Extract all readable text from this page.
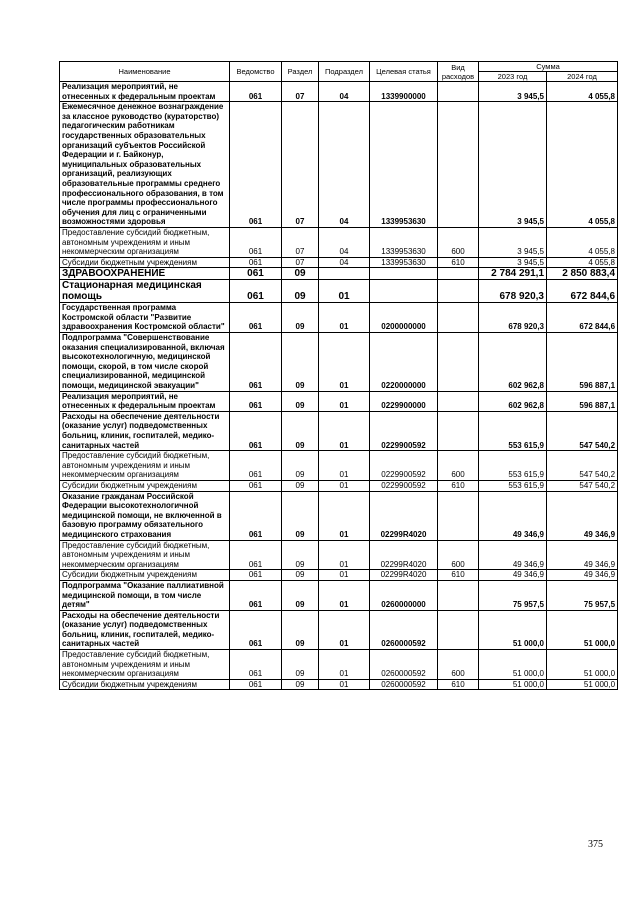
Наименование	Ведомство	Раздел	Подраздел	Целевая статья	Вид расходов	Сумма	
						2023 год	2024 год
Реализация мероприятий, не отнесенных к федеральным проектам	061	07	04	1339900000		3 945,5	4 055,8
Ежемесячное денежное вознаграждение за классное руководство (кураторство) педагогическим работникам государственных образовательных организаций субъектов Российской Федерации и г. Байконур, муниципальных образовательных организаций, реализующих образовательные программы среднего профессионального образования, в том числе программы профессионального обучения для лиц с ограниченными возможностями здоровья	061	07	04	1339953630		3 945,5	4 055,8
Предоставление субсидий бюджетным, автономным учреждениям и иным некоммерческим организациям	061	07	04	1339953630	600	3 945,5	4 055,8
Субсидии бюджетным учреждениям	061	07	04	1339953630	610	3 945,5	4 055,8
ЗДРАВООХРАНЕНИЕ	061	09				2 784 291,1	2 850 883,4
Стационарная медицинская помощь	061	09	01			678 920,3	672 844,6
Государственная программа Костромской области "Развитие здравоохранения Костромской области"	061	09	01	0200000000		678 920,3	672 844,6
Подпрограмма "Совершенствование оказания специализированной, включая высокотехнологичную, медицинской помощи, скорой, в том числе скорой специализированной, медицинской помощи, медицинской эвакуации"	061	09	01	0220000000		602 962,8	596 887,1
Реализация мероприятий, не отнесенных к федеральным проектам	061	09	01	0229900000		602 962,8	596 887,1
Расходы на обеспечение деятельности (оказание услуг) подведомственных больниц, клиник, госпиталей, медико-санитарных частей	061	09	01	0229900592		553 615,9	547 540,2
Предоставление субсидий бюджетным, автономным учреждениям и иным некоммерческим организациям	061	09	01	0229900592	600	553 615,9	547 540,2
Субсидии бюджетным учреждениям	061	09	01	0229900592	610	553 615,9	547 540,2
Оказание гражданам Российской Федерации высокотехнологичной медицинской помощи, не включенной в базовую программу обязательного медицинского страхования	061	09	01	02299R4020		49 346,9	49 346,9
Предоставление субсидий бюджетным, автономным учреждениям и иным некоммерческим организациям	061	09	01	02299R4020	600	49 346,9	49 346,9
Субсидии бюджетным учреждениям	061	09	01	02299R4020	610	49 346,9	49 346,9
Подпрограмма "Оказание паллиативной медицинской помощи, в том числе детям"	061	09	01	0260000000		75 957,5	75 957,5
Расходы на обеспечение деятельности (оказание услуг) подведомственных больниц, клиник, госпиталей, медико-санитарных частей	061	09	01	0260000592		51 000,0	51 000,0
Предоставление субсидий бюджетным, автономным учреждениям и иным некоммерческим организациям	061	09	01	0260000592	600	51 000,0	51 000,0
Субсидии бюджетным учреждениям	061	09	01	0260000592	610	51 000,0	51 000,0
375
